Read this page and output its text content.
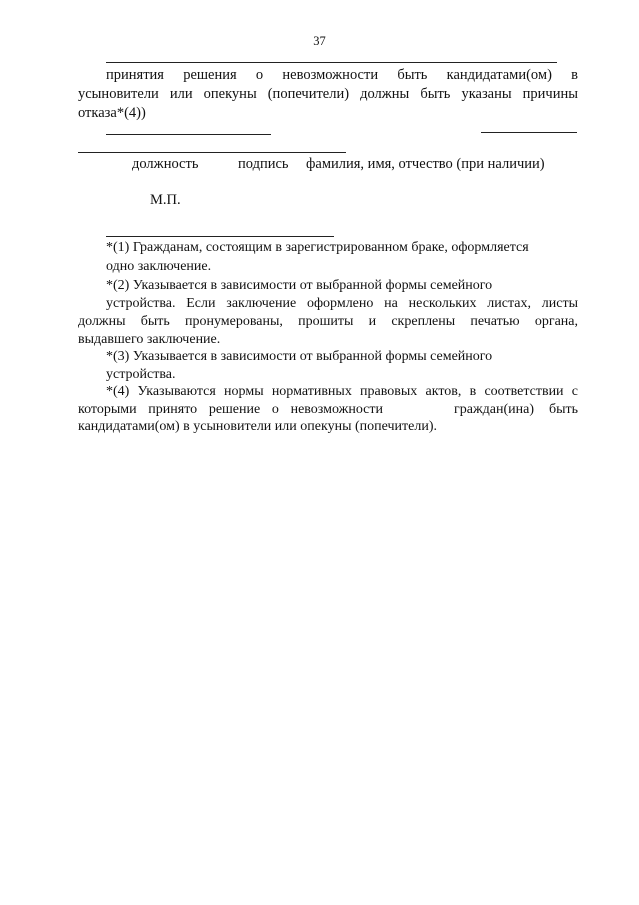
37
принятия решения о невозможности быть кандидатами(ом) в
усыновители или опекуны (попечители) должны быть указаны причины
отказа*(4))
должность	подпись фамилия, имя, отчество (при наличии)
М.П.
*(1) Гражданам, состоящим в зарегистрированном браке, оформляется
одно заключение.
*(2) Указывается в зависимости от выбранной формы семейного
устройства. Если заключение оформлено на нескольких листах, листы
должны быть пронумерованы, прошиты и скреплены печатью органа,
выдавшего заключение.
*(3) Указывается в зависимости от выбранной формы семейного
устройства.
*(4) Указываются нормы нормативных правовых актов, в соответствии с
которыми принято решение о невозможности	граждан(ина) быть
кандидатами(ом) в усыновители или опекуны (попечители).
